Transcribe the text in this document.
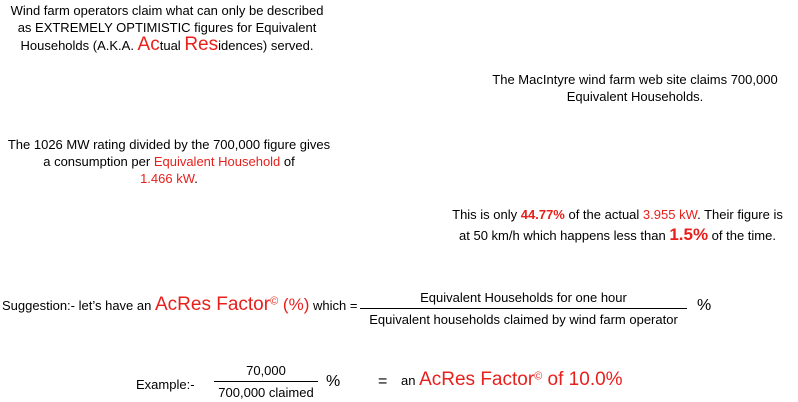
Wind farm operators claim what can only be described
as EXTREMELY OPTIMISTIC figures for Equivalent
Households (A.K.A. Actual Residences) served.
The MacIntyre wind farm web site claims 700,000
Equivalent Households.
The 1026 MW rating divided by the 700,000 figure gives
a consumption per Equivalent Household of
1.466 kW.
This is only 44.77% of the actual 3.955 kW. Their figure is
at 50 km/h which happens less than 1.5% of the time.
Suggestion:- let’s have an AcRes Factor© (%) which =
Equivalent Households for one hour
Equivalent households claimed by wind farm operator
%
Example:-
70,000
700,000 claimed
% = an AcRes Factor© of 10.0%
